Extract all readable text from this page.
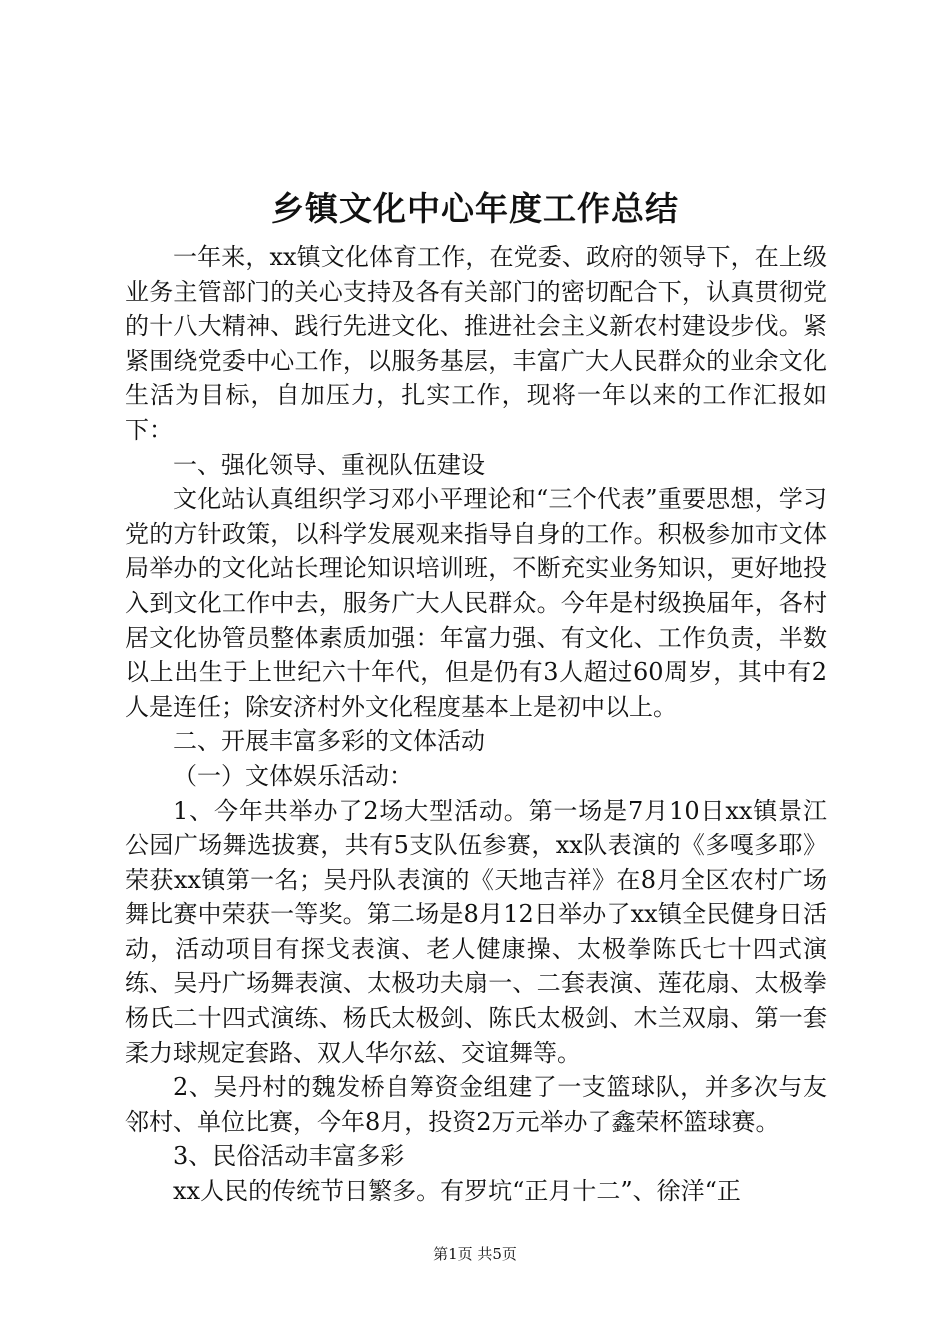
乡镇文化中心年度工作总结

一年来，xx镇文化体育工作，在党委、政府的领导下，在上级业务主管部门的关心支持及各有关部门的密切配合下，认真贯彻党的十八大精神、践行先进文化、推进社会主义新农村建设步伐。紧紧围绕党委中心工作，以服务基层，丰富广大人民群众的业余文化生活为目标，自加压力，扎实工作，现将一年以来的工作汇报如下：

一、强化领导、重视队伍建设

文化站认真组织学习邓小平理论和“三个代表”重要思想，学习党的方针政策，以科学发展观来指导自身的工作。积极参加市文体局举办的文化站长理论知识培训班，不断充实业务知识，更好地投入到文化工作中去，服务广大人民群众。今年是村级换届年，各村居文化协管员整体素质加强：年富力强、有文化、工作负责，半数以上出生于上世纪六十年代，但是仍有3人超过60周岁，其中有2人是连任；除安济村外文化程度基本上是初中以上。

二、开展丰富多彩的文体活动

（一）文体娱乐活动：

1、今年共举办了2场大型活动。第一场是7月10日xx镇景江公园广场舞选拔赛，共有5支队伍参赛，xx队表演的《多嘎多耶》荣获xx镇第一名；吴丹队表演的《天地吉祥》在8月全区农村广场舞比赛中荣获一等奖。第二场是8月12日举办了xx镇全民健身日活动，活动项目有探戈表演、老人健康操、太极拳陈氏七十四式演练、吴丹广场舞表演、太极功夫扇一、二套表演、莲花扇、太极拳杨氏二十四式演练、杨氏太极剑、陈氏太极剑、木兰双扇、第一套柔力球规定套路、双人华尔兹、交谊舞等。

2、吴丹村的魏发桥自筹资金组建了一支篮球队，并多次与友邻村、单位比赛，今年8月，投资2万元举办了鑫荣杯篮球赛。

3、民俗活动丰富多彩

xx人民的传统节日繁多。有罗坑“正月十二”、徐洋“正

第1页 共5页
